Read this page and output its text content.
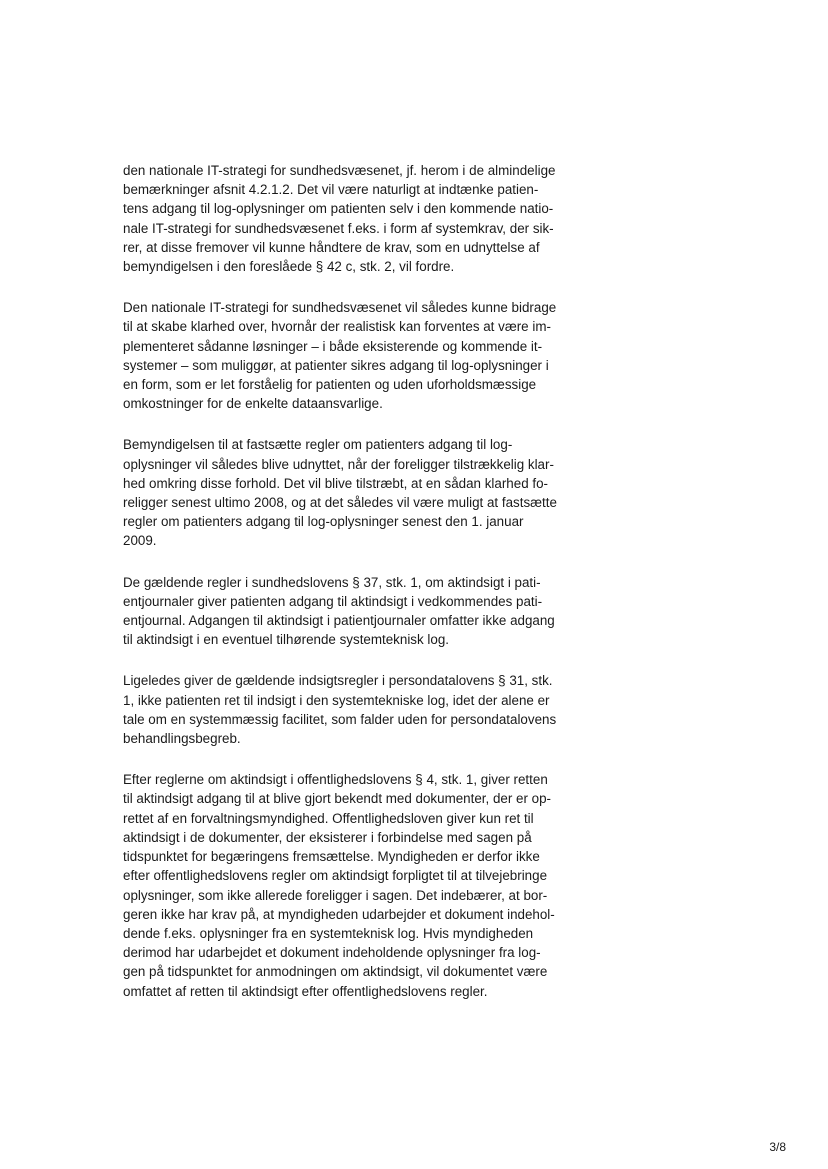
den nationale IT-strategi for sundhedsvæsenet, jf. herom i de almindelige
bemærkninger afsnit 4.2.1.2. Det vil være naturligt at indtænke patien-
tens adgang til log-oplysninger om patienten selv i den kommende natio-
nale IT-strategi for sundhedsvæsenet f.eks. i form af systemkrav, der sik-
rer, at disse fremover vil kunne håndtere de krav, som en udnyttelse af
bemyndigelsen i den foreslåede § 42 c, stk. 2, vil fordre.

Den nationale IT-strategi for sundhedsvæsenet vil således kunne bidrage
til at skabe klarhed over, hvornår der realistisk kan forventes at være im-
plementeret sådanne løsninger – i både eksisterende og kommende it-
systemer – som muliggør, at patienter sikres adgang til log-oplysninger i
en form, som er let forståelig for patienten og uden uforholdsmæssige
omkostninger for de enkelte dataansvarlige.

Bemyndigelsen til at fastsætte regler om patienters adgang til log-
oplysninger vil således blive udnyttet, når der foreligger tilstrækkelig klar-
hed omkring disse forhold. Det vil blive tilstræbt, at en sådan klarhed fo-
religger senest ultimo 2008, og at det således vil være muligt at fastsætte
regler om patienters adgang til log-oplysninger senest den 1. januar
2009.

De gældende regler i sundhedslovens § 37, stk. 1, om aktindsigt i pati-
entjournaler giver patienten adgang til aktindsigt i vedkommendes pati-
entjournal. Adgangen til aktindsigt i patientjournaler omfatter ikke adgang
til aktindsigt i en eventuel tilhørende systemteknisk log.

Ligeledes giver de gældende indsigtsregler i persondatalovens § 31, stk.
1, ikke patienten ret til indsigt i den systemtekniske log, idet der alene er
tale om en systemmæssig facilitet, som falder uden for persondatalovens
behandlingsbegreb.

Efter reglerne om aktindsigt i offentlighedslovens § 4, stk. 1, giver retten
til aktindsigt adgang til at blive gjort bekendt med dokumenter, der er op-
rettet af en forvaltningsmyndighed. Offentlighedsloven giver kun ret til
aktindsigt i de dokumenter, der eksisterer i forbindelse med sagen på
tidspunktet for begæringens fremsættelse. Myndigheden er derfor ikke
efter offentlighedslovens regler om aktindsigt forpligtet til at tilvejebringe
oplysninger, som ikke allerede foreligger i sagen. Det indebærer, at bor-
geren ikke har krav på, at myndigheden udarbejder et dokument indehol-
dende f.eks. oplysninger fra en systemteknisk log. Hvis myndigheden
derimod har udarbejdet et dokument indeholdende oplysninger fra log-
gen på tidspunktet for anmodningen om aktindsigt, vil dokumentet være
omfattet af retten til aktindsigt efter offentlighedslovens regler.

3/8
